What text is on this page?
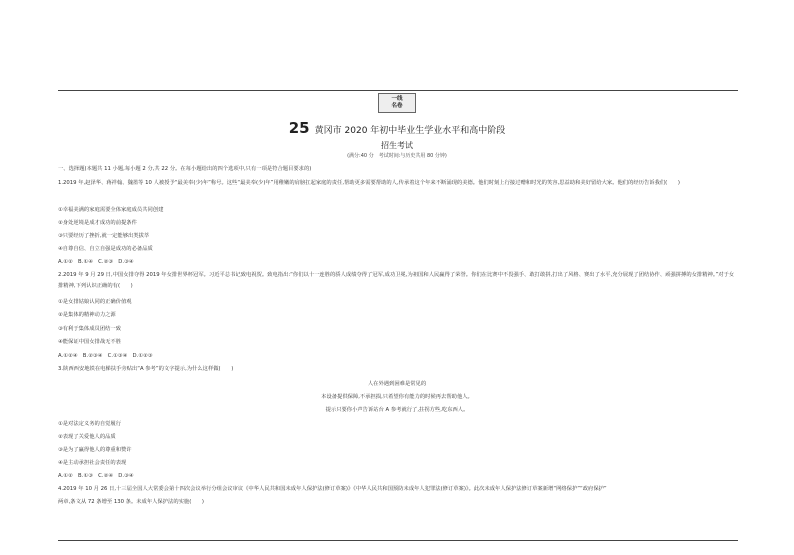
一线
名卷
25 黄冈市 2020 年初中毕业生学业水平和高中阶段
招生考试
(满分:40 分　考试时间:与历史共用 80 分钟)
一、选择题(本题共 11 小题,每小题 2 分,共 22 分。在每小题给出的四个选项中,只有一项是符合题目要求的)
1.2019 年,赵泽华、蒋祥翰、魏墨等 10 人被授予“最美奉(少)年”称号。这些“最美奉(少)年”用稚嫩的肩膀扛起家庭的责任,帮助更多需要帮助的人,传承着这个年来不断涌现的美德。他们时刻上行接过赠和时光的笑容,思益助和美好留给大家。他们的经历告诉我们(　　)
①幸福美满的家庭需要全体家庭成员共同创建
②身处逆境是成才成功的前提条件
③只要经历了挫折,就一定能够出类拔萃
④自尊自信、自立自强是成功的必备品质
A.①②　B.①④　C.②③　D.③④
2.2019 年 9 月 29 日,中国女排夺得 2019 年女排世界杯冠军。习近平总书记致电祝贺。致电指出:“你们以十一连胜的骄人成绩夺得了冠军,成功卫冕,为祖国和人民赢得了荣誉。你们在比赛中不畏强手、敢打敢拼,打出了风格、赛出了水平,充分展现了团结协作、顽强拼搏的女排精神。”对于女排精神,下列认识正确的有(　　)
①是女排姑娘认同的正确价值观
②是集体的精神动力之源
③有利于集体成员团结一致
④能保证中国女排战无不胜
A.①②④　B.②③④　C.①③④　D.①②③
3.陕西西安地铁在电梯扶手旁贴出“A 参考”的文字提示,为什么这样做(　　)
人在外遇到困难是常见的
本设备提供保障,不承担损,只希望你有能力的时候再去帮助他人。
提示只要你小声告诉站台 A 参考就行了,拄拐方些,吃东西人。
①是对法定义务的自觉履行
②表现了关爱他人的品质
③是为了赢得他人的尊重和赞许
④是主动承担社会责任的表现
A.①②　B.①③　C.②④　D.③④
4.2019 年 10 月 26 日,十三届全国人大常委会第十四次会议举行分组会议审议《中华人民共和国未成年人保护法(修订草案)》《中华人民共和国预防未成年人犯罪法(修订草案)》。此次未成年人保护法修订草案新增“网络保护”“政府保护”
两章,条文从 72 条增至 130 条。未成年人保护法的实施(　　)
